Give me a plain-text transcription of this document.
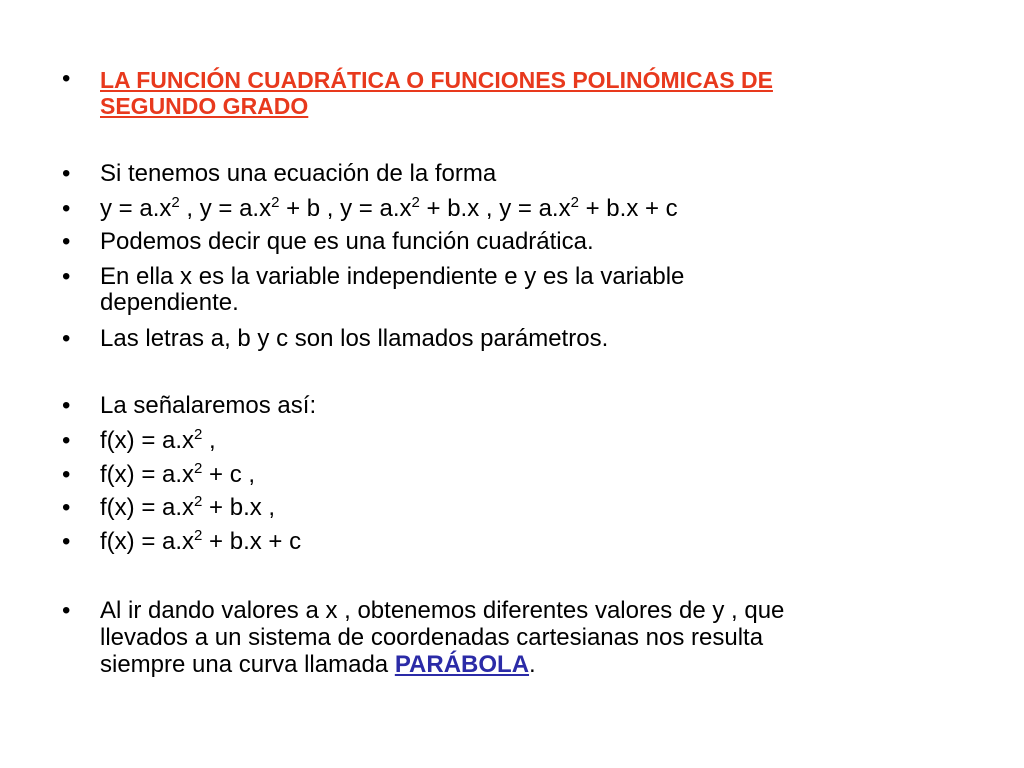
• LA FUNCIÓN CUADRÁTICA O FUNCIONES POLINÓMICAS DE
SEGUNDO GRADO
• Si tenemos una ecuación de la forma
• $y = a.x^2$ , $y = a.x^2 + b$ , $y = a.x^2 + b.x$ , $y = a.x^2 + b.x + c$
• Podemos decir que es una función cuadrática.
• En ella x es la variable independiente e y es la variable
dependiente.
• Las letras a, b y c son los llamados parámetros.
• La señalaremos así:
• $f(x) = a.x^2$ ,
• $f(x) = a.x^2 + c$ ,
• $f(x) = a.x^2 + b.x$ ,
• $f(x) = a.x^2 + b.x + c$
• Al ir dando valores a x , obtenemos diferentes valores de y , que
llevados a un sistema de coordenadas cartesianas nos resulta
siempre una curva llamada PARÁBOLA.
